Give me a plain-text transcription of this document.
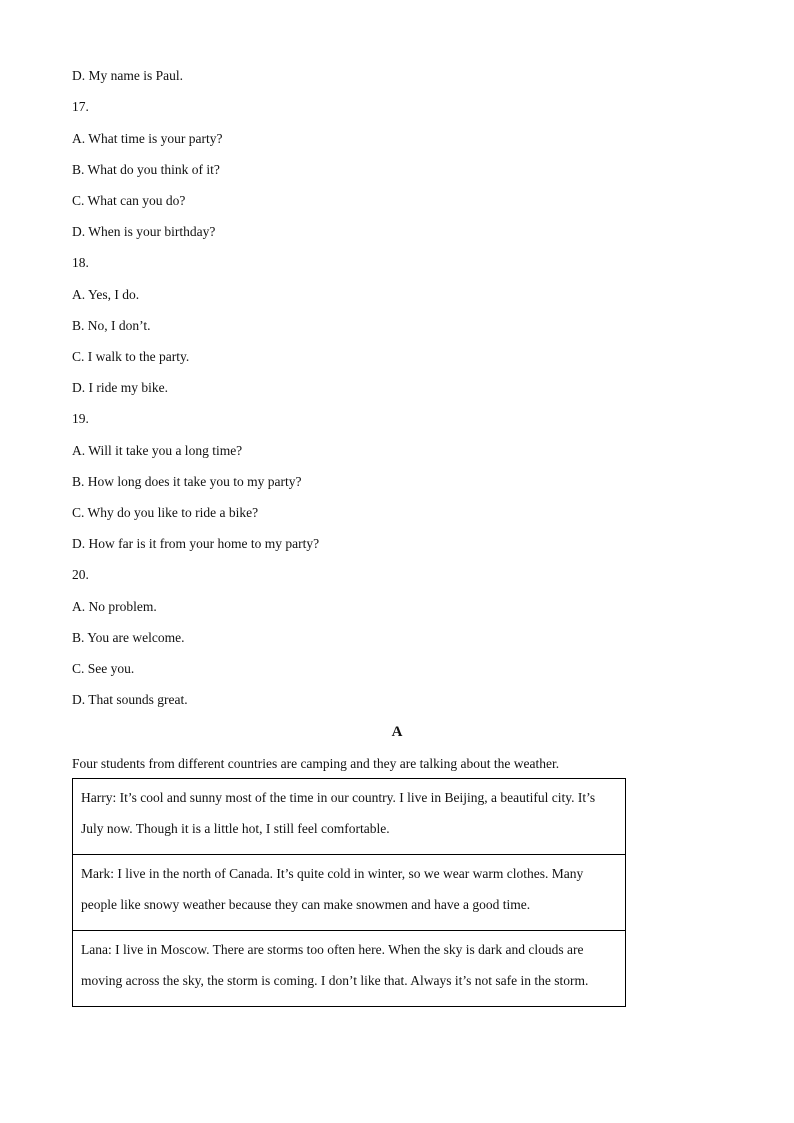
D. My name is Paul.
17.
A. What time is your party?
B. What do you think of it?
C. What can you do?
D. When is your birthday?
18.
A. Yes, I do.
B. No, I don’t.
C. I walk to the party.
D. I ride my bike.
19.
A. Will it take you a long time?
B. How long does it take you to my party?
C. Why do you like to ride a bike?
D. How far is it from your home to my party?
20.
A. No problem.
B. You are welcome.
C. See you.
D. That sounds great.
A
Four students from different countries are camping and they are talking about the weather.
Harry: It’s cool and sunny most of the time in our country. I live in Beijing, a beautiful city. It’s
July now. Though it is a little hot, I still feel comfortable.
Mark: I live in the north of Canada. It’s quite cold in winter, so we wear warm clothes. Many
people like snowy weather because they can make snowmen and have a good time.
Lana: I live in Moscow. There are storms too often here. When the sky is dark and clouds are
moving across the sky, the storm is coming. I don’t like that. Always it’s not safe in the storm.
